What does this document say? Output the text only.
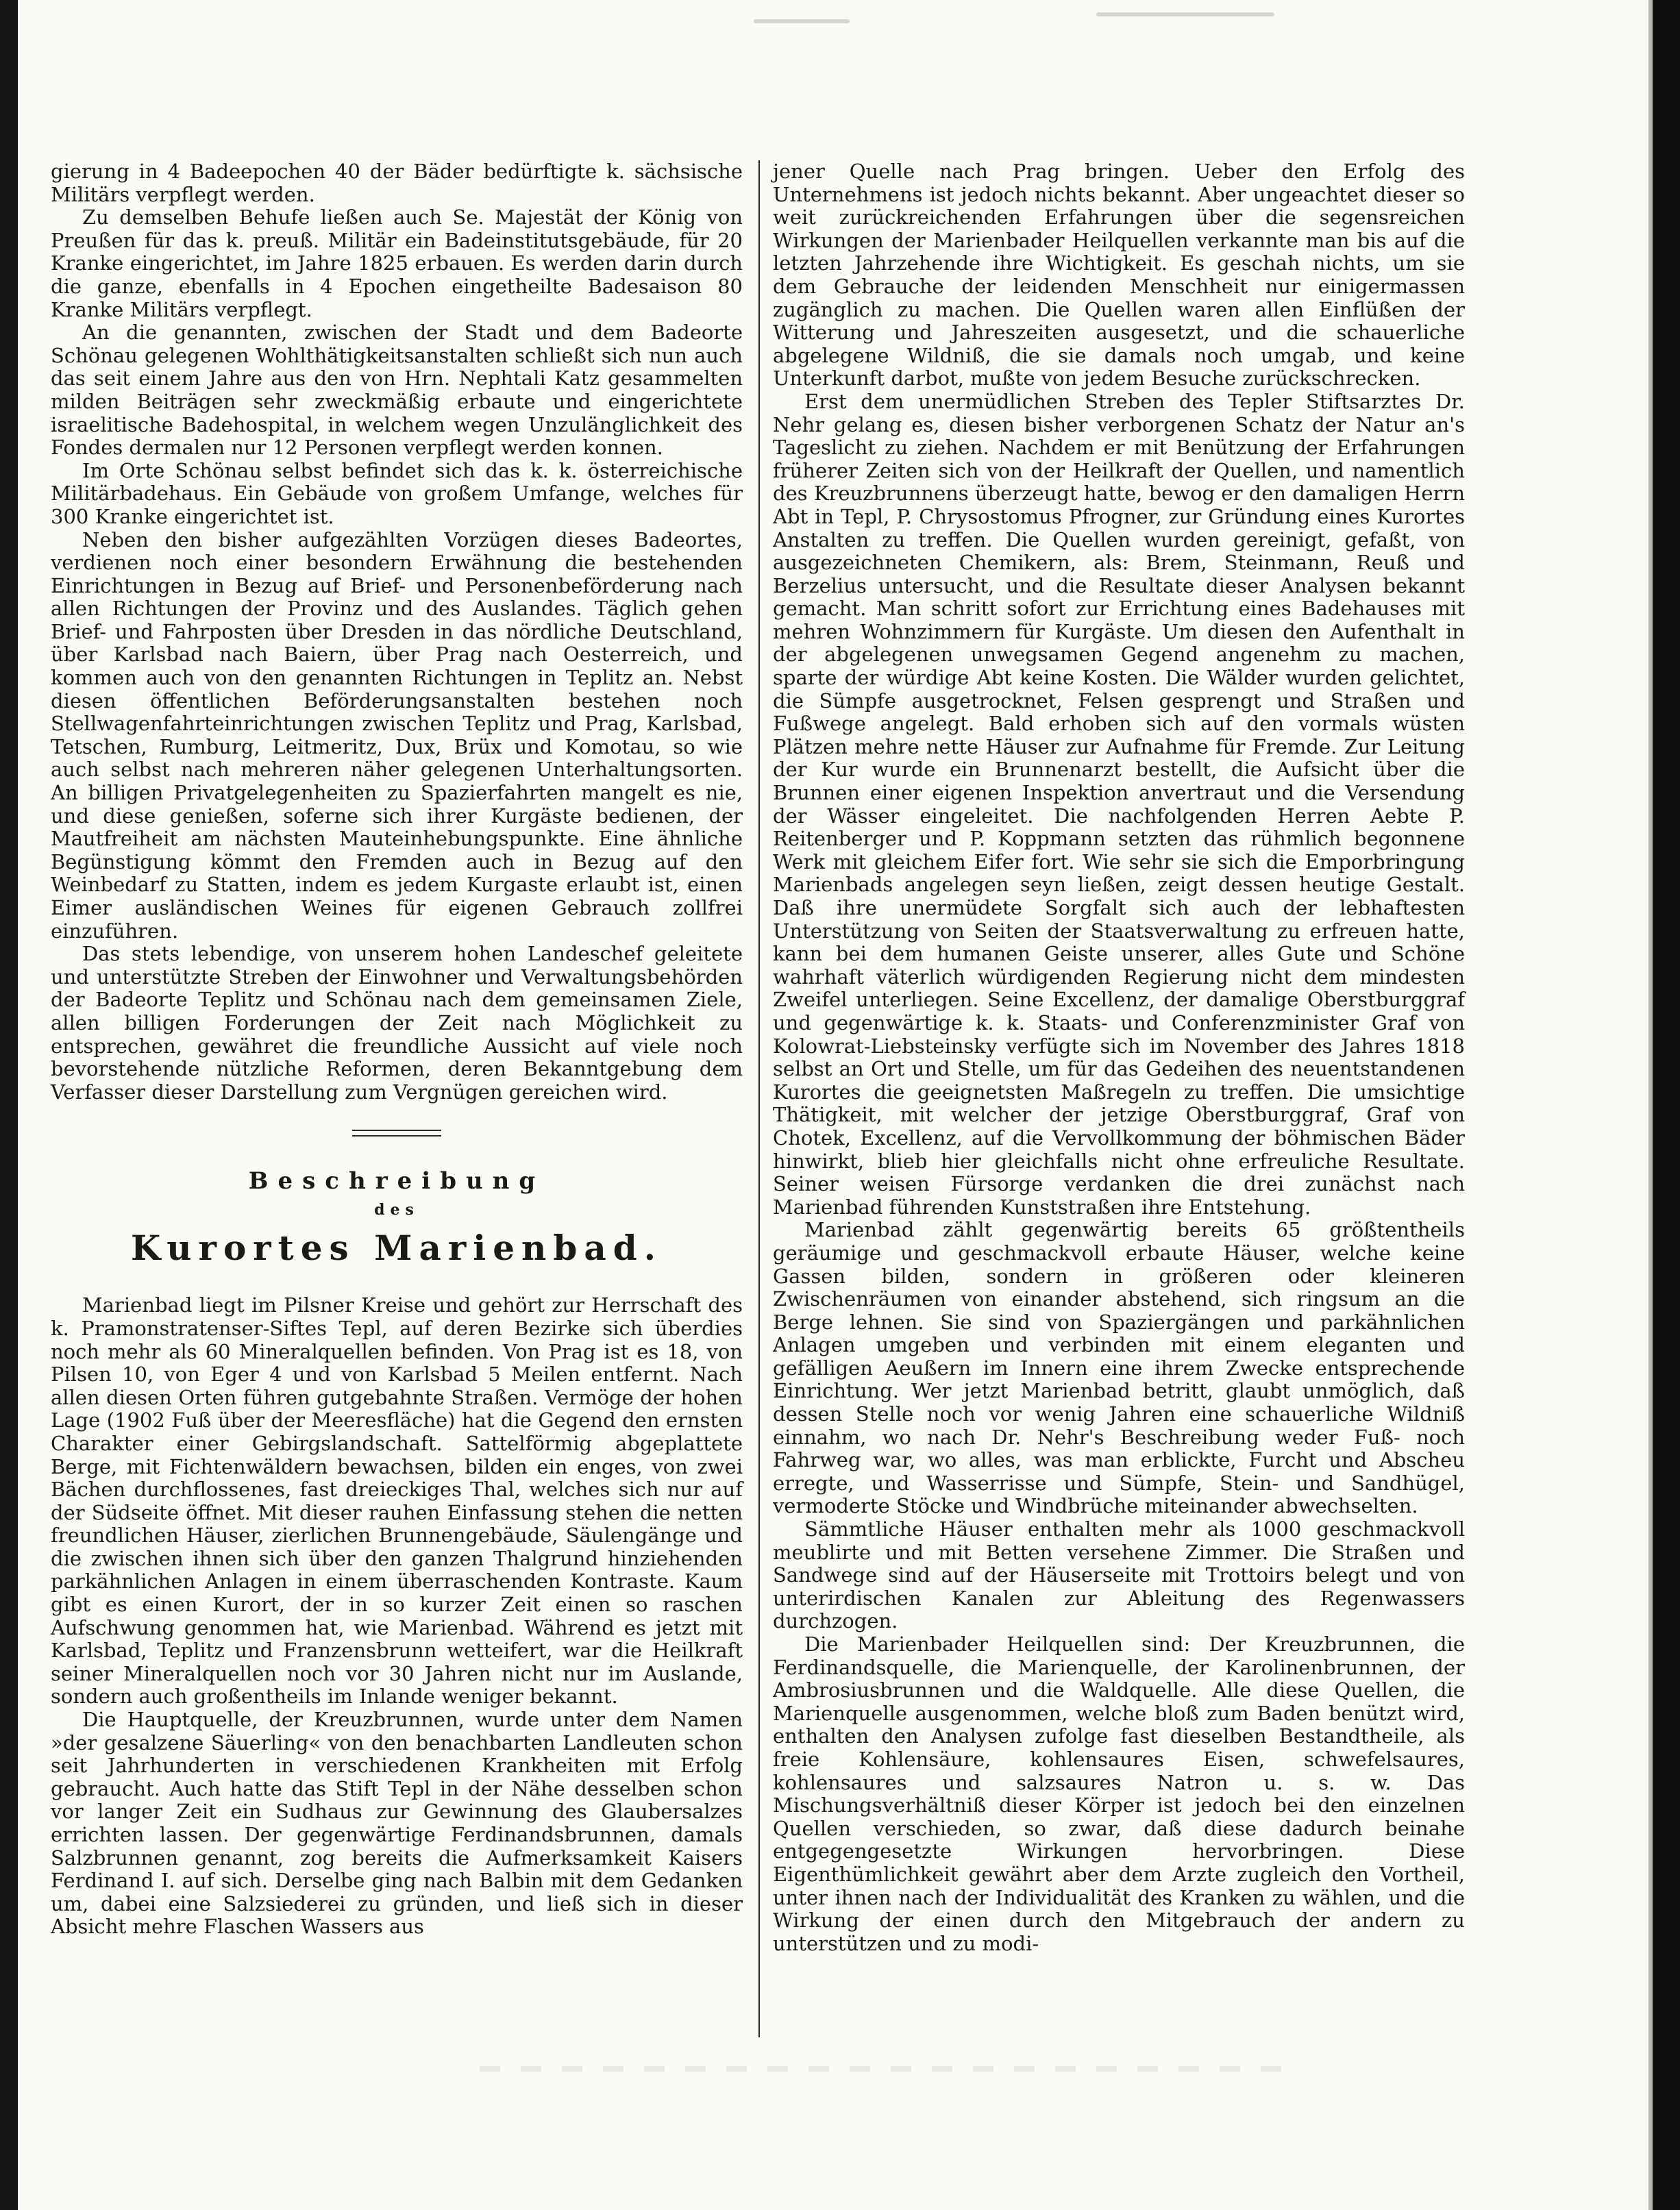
gierung in 4 Badeepochen 40 der Bäder bedürftigte k. sächsische Militärs verpflegt werden.

Zu demselben Behufe ließen auch Se. Majestät der König von Preußen für das k. preuß. Militär ein Badeinstitutsgebäude, für 20 Kranke eingerichtet, im Jahre 1825 erbauen. Es werden darin durch die ganze, ebenfalls in 4 Epochen eingetheilte Badesaison 80 Kranke Militärs verpflegt.

An die genannten, zwischen der Stadt und dem Badeorte Schönau gelegenen Wohlthätigkeitsanstalten schließt sich nun auch das seit einem Jahre aus den von Hrn. Nephtali Katz gesammelten milden Beiträgen sehr zweckmäßig erbaute und eingerichtete israelitische Badehospital, in welchem wegen Unzulänglichkeit des Fondes dermalen nur 12 Personen verpflegt werden konnen.

Im Orte Schönau selbst befindet sich das k. k. österreichische Militärbadehaus. Ein Gebäude von großem Umfange, welches für 300 Kranke eingerichtet ist.

Neben den bisher aufgezählten Vorzügen dieses Badeortes, verdienen noch einer besondern Erwähnung die bestehenden Einrichtungen in Bezug auf Brief- und Personenbeförderung nach allen Richtungen der Provinz und des Auslandes. Täglich gehen Brief- und Fahrposten über Dresden in das nördliche Deutschland, über Karlsbad nach Baiern, über Prag nach Oesterreich, und kommen auch von den genannten Richtungen in Teplitz an. Nebst diesen öffentlichen Beförderungsanstalten bestehen noch Stellwagenfahrteinrichtungen zwischen Teplitz und Prag, Karlsbad, Tetschen, Rumburg, Leitmeritz, Dux, Brüx und Komotau, so wie auch selbst nach mehreren näher gelegenen Unterhaltungsorten. An billigen Privatgelegenheiten zu Spazierfahrten mangelt es nie, und diese genießen, soferne sich ihrer Kurgäste bedienen, der Mautfreiheit am nächsten Mauteinhebungspunkte. Eine ähnliche Begünstigung kömmt den Fremden auch in Bezug auf den Weinbedarf zu Statten, indem es jedem Kurgaste erlaubt ist, einen Eimer ausländischen Weines für eigenen Gebrauch zollfrei einzuführen.

Das stets lebendige, von unserem hohen Landeschef geleitete und unterstützte Streben der Einwohner und Verwaltungsbehörden der Badeorte Teplitz und Schönau nach dem gemeinsamen Ziele, allen billigen Forderungen der Zeit nach Möglichkeit zu entsprechen, gewähret die freundliche Aussicht auf viele noch bevorstehende nützliche Reformen, deren Bekanntgebung dem Verfasser dieser Darstellung zum Vergnügen gereichen wird.

Beschreibung
des
Kurortes Marienbad.

Marienbad liegt im Pilsner Kreise und gehört zur Herrschaft des k. Pramonstratenser-Siftes Tepl, auf deren Bezirke sich überdies noch mehr als 60 Mineralquellen befinden. Von Prag ist es 18, von Pilsen 10, von Eger 4 und von Karlsbad 5 Meilen entfernt. Nach allen diesen Orten führen gutgebahnte Straßen. Vermöge der hohen Lage (1902 Fuß über der Meeresfläche) hat die Gegend den ernsten Charakter einer Gebirgslandschaft. Sattelförmig abgeplattete Berge, mit Fichtenwäldern bewachsen, bilden ein enges, von zwei Bächen durchflossenes, fast dreieckiges Thal, welches sich nur auf der Südseite öffnet. Mit dieser rauhen Einfassung stehen die netten freundlichen Häuser, zierlichen Brunnengebäude, Säulengänge und die zwischen ihnen sich über den ganzen Thalgrund hinziehenden parkähnlichen Anlagen in einem überraschenden Kontraste. Kaum gibt es einen Kurort, der in so kurzer Zeit einen so raschen Aufschwung genommen hat, wie Marienbad. Während es jetzt mit Karlsbad, Teplitz und Franzensbrunn wetteifert, war die Heilkraft seiner Mineralquellen noch vor 30 Jahren nicht nur im Auslande, sondern auch großentheils im Inlande weniger bekannt.

Die Hauptquelle, der Kreuzbrunnen, wurde unter dem Namen »der gesalzene Säuerling« von den benachbarten Landleuten schon seit Jahrhunderten in verschiedenen Krankheiten mit Erfolg gebraucht. Auch hatte das Stift Tepl in der Nähe desselben schon vor langer Zeit ein Sudhaus zur Gewinnung des Glaubersalzes errichten lassen. Der gegenwärtige Ferdinandsbrunnen, damals Salzbrunnen genannt, zog bereits die Aufmerksamkeit Kaisers Ferdinand I. auf sich. Derselbe ging nach Balbin mit dem Gedanken um, dabei eine Salzsiederei zu gründen, und ließ sich in dieser Absicht mehre Flaschen Wassers aus

jener Quelle nach Prag bringen. Ueber den Erfolg des Unternehmens ist jedoch nichts bekannt. Aber ungeachtet dieser so weit zurückreichenden Erfahrungen über die segensreichen Wirkungen der Marienbader Heilquellen verkannte man bis auf die letzten Jahrzehende ihre Wichtigkeit. Es geschah nichts, um sie dem Gebrauche der leidenden Menschheit nur einigermassen zugänglich zu machen. Die Quellen waren allen Einflüßen der Witterung und Jahreszeiten ausgesetzt, und die schauerliche abgelegene Wildniß, die sie damals noch umgab, und keine Unterkunft darbot, mußte von jedem Besuche zurückschrecken.

Erst dem unermüdlichen Streben des Tepler Stiftsarztes Dr. Nehr gelang es, diesen bisher verborgenen Schatz der Natur an's Tageslicht zu ziehen. Nachdem er mit Benützung der Erfahrungen früherer Zeiten sich von der Heilkraft der Quellen, und namentlich des Kreuzbrunnens überzeugt hatte, bewog er den damaligen Herrn Abt in Tepl, P. Chrysostomus Pfrogner, zur Gründung eines Kurortes Anstalten zu treffen. Die Quellen wurden gereinigt, gefaßt, von ausgezeichneten Chemikern, als: Brem, Steinmann, Reuß und Berzelius untersucht, und die Resultate dieser Analysen bekannt gemacht. Man schritt sofort zur Errichtung eines Badehauses mit mehren Wohnzimmern für Kurgäste. Um diesen den Aufenthalt in der abgelegenen unwegsamen Gegend angenehm zu machen, sparte der würdige Abt keine Kosten. Die Wälder wurden gelichtet, die Sümpfe ausgetrocknet, Felsen gesprengt und Straßen und Fußwege angelegt. Bald erhoben sich auf den vormals wüsten Plätzen mehre nette Häuser zur Aufnahme für Fremde. Zur Leitung der Kur wurde ein Brunnenarzt bestellt, die Aufsicht über die Brunnen einer eigenen Inspektion anvertraut und die Versendung der Wässer eingeleitet. Die nachfolgenden Herren Aebte P. Reitenberger und P. Koppmann setzten das rühmlich begonnene Werk mit gleichem Eifer fort. Wie sehr sie sich die Emporbringung Marienbads angelegen seyn ließen, zeigt dessen heutige Gestalt. Daß ihre unermüdete Sorgfalt sich auch der lebhaftesten Unterstützung von Seiten der Staatsverwaltung zu erfreuen hatte, kann bei dem humanen Geiste unserer, alles Gute und Schöne wahrhaft väterlich würdigenden Regierung nicht dem mindesten Zweifel unterliegen. Seine Excellenz, der damalige Oberstburggraf und gegenwärtige k. k. Staats- und Conferenzminister Graf von Kolowrat-Liebsteinsky verfügte sich im November des Jahres 1818 selbst an Ort und Stelle, um für das Gedeihen des neuentstandenen Kurortes die geeignetsten Maßregeln zu treffen. Die umsichtige Thätigkeit, mit welcher der jetzige Oberstburggraf, Graf von Chotek, Excellenz, auf die Vervollkommung der böhmischen Bäder hinwirkt, blieb hier gleichfalls nicht ohne erfreuliche Resultate. Seiner weisen Fürsorge verdanken die drei zunächst nach Marienbad führenden Kunststraßen ihre Entstehung.

Marienbad zählt gegenwärtig bereits 65 größtentheils geräumige und geschmackvoll erbaute Häuser, welche keine Gassen bilden, sondern in größeren oder kleineren Zwischenräumen von einander abstehend, sich ringsum an die Berge lehnen. Sie sind von Spaziergängen und parkähnlichen Anlagen umgeben und verbinden mit einem eleganten und gefälligen Aeußern im Innern eine ihrem Zwecke entsprechende Einrichtung. Wer jetzt Marienbad betritt, glaubt unmöglich, daß dessen Stelle noch vor wenig Jahren eine schauerliche Wildniß einnahm, wo nach Dr. Nehr's Beschreibung weder Fuß- noch Fahrweg war, wo alles, was man erblickte, Furcht und Abscheu erregte, und Wasserrisse und Sümpfe, Stein- und Sandhügel, vermoderte Stöcke und Windbrüche miteinander abwechselten.

Sämmtliche Häuser enthalten mehr als 1000 geschmackvoll meublirte und mit Betten versehene Zimmer. Die Straßen und Sandwege sind auf der Häuserseite mit Trottoirs belegt und von unterirdischen Kanalen zur Ableitung des Regenwassers durchzogen.

Die Marienbader Heilquellen sind: Der Kreuzbrunnen, die Ferdinandsquelle, die Marienquelle, der Karolinenbrunnen, der Ambrosiusbrunnen und die Waldquelle. Alle diese Quellen, die Marienquelle ausgenommen, welche bloß zum Baden benützt wird, enthalten den Analysen zufolge fast dieselben Bestandtheile, als freie Kohlensäure, kohlensaures Eisen, schwefelsaures, kohlensaures und salzsaures Natron u. s. w. Das Mischungsverhältniß dieser Körper ist jedoch bei den einzelnen Quellen verschieden, so zwar, daß diese dadurch beinahe entgegengesetzte Wirkungen hervorbringen. Diese Eigenthümlichkeit gewährt aber dem Arzte zugleich den Vortheil, unter ihnen nach der Individualität des Kranken zu wählen, und die Wirkung der einen durch den Mitgebrauch der andern zu unterstützen und zu modi-
